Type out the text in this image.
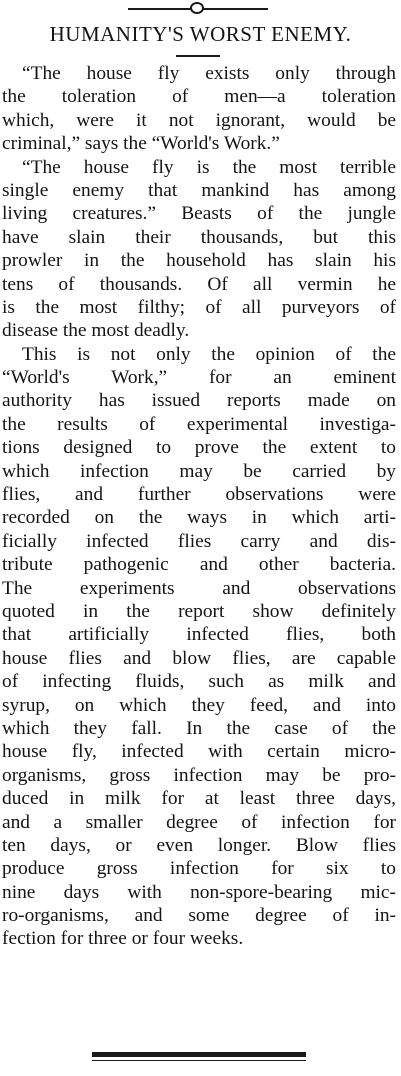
HUMANITY'S WORST ENEMY.

“The house fly exists only through
the toleration of men—a toleration
which, were it not ignorant, would be
criminal,” says the “World's Work.”

“The house fly is the most terrible
single enemy that mankind has among
living creatures.” Beasts of the jungle
have slain their thousands, but this
prowler in the household has slain his
tens of thousands. Of all vermin he
is the most filthy; of all purveyors of
disease the most deadly.

This is not only the opinion of the
“World's Work,” for an eminent
authority has issued reports made on
the results of experimental investiga-
tions designed to prove the extent to
which infection may be carried by
flies, and further observations were
recorded on the ways in which arti-
ficially infected flies carry and dis-
tribute pathogenic and other bacteria.
The experiments and observations
quoted in the report show definitely
that artificially infected flies, both
house flies and blow flies, are capable
of infecting fluids, such as milk and
syrup, on which they feed, and into
which they fall. In the case of the
house fly, infected with certain micro-
organisms, gross infection may be pro-
duced in milk for at least three days,
and a smaller degree of infection for
ten days, or even longer. Blow flies
produce gross infection for six to
nine days with non-spore-bearing mic-
ro-organisms, and some degree of in-
fection for three or four weeks.
